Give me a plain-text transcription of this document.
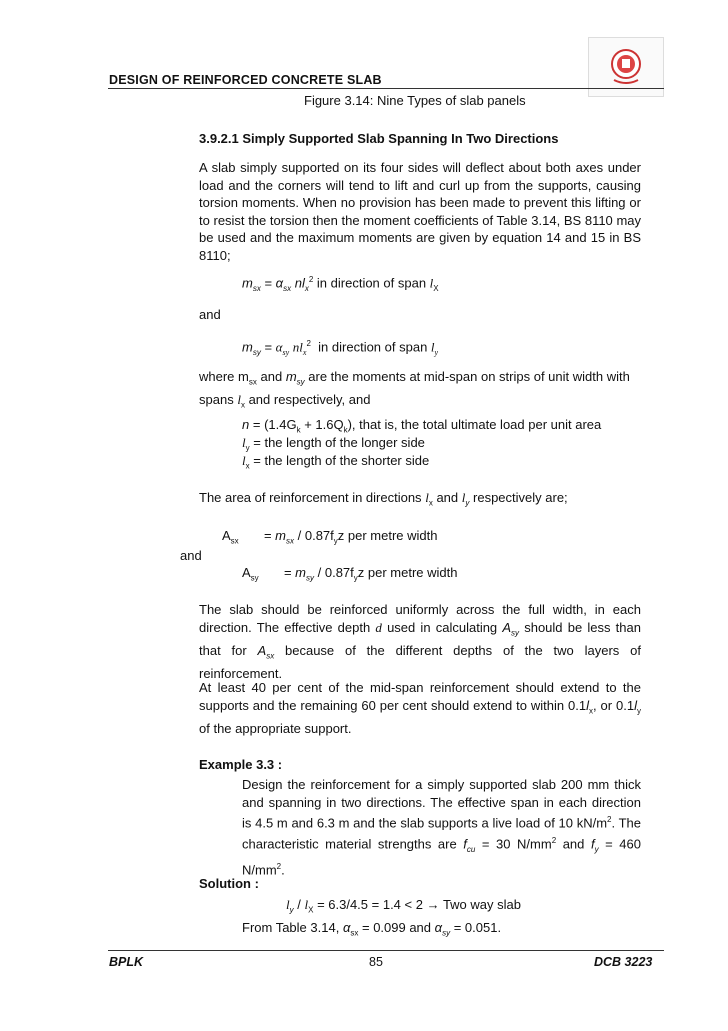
DESIGN OF REINFORCED CONCRETE SLAB
Figure 3.14: Nine Types of slab panels
3.9.2.1 Simply Supported Slab Spanning In Two Directions
A slab simply supported on its four sides will deflect about both axes under load and the corners will tend to lift and curl up from the supports, causing torsion moments. When no provision has been made to prevent this lifting or to resist the torsion then the moment coefficients of Table 3.14, BS 8110 may be used and the maximum moments are given by equation 14 and 15 in BS 8110;
$m_{sx} = \alpha_{sx}$ $nl_x^2$ in direction of span $l_X$
and
$m_{sy} = \alpha_{sy}$ $nl_x^2$ in direction of span $l_y$
where $m_{sx}$ and $m_{sy}$ are the moments at mid-span on strips of unit width with
spans $l_x$ and respectively, and
$n = (1.4G_k + 1.6Q_k)$, that is, the total ultimate load per unit area
$l_y$ = the length of the longer side
$l_x$ = the length of the shorter side
The area of reinforcement in directions $l_x$ and $l_y$ respectively are;
$A_{sx}$       = $m_{sx} / 0.87f_yz$ per metre width
and
$A_{sy}$       = $m_{sy} / 0.87f_yz$ per metre width
The slab should be reinforced uniformly across the full width, in each direction. The effective depth d used in calculating $A_{sy}$ should be less than that for $A_{sx}$ because of the different depths of the two layers of reinforcement.
At least 40 per cent of the mid-span reinforcement should extend to the supports and the remaining 60 per cent should extend to within $0.1l_x$, or $0.1l_y$ of the appropriate support.
Example 3.3 :
Design the reinforcement for a simply supported slab 200 mm thick and spanning in two directions. The effective span in each direction is 4.5 m and 6.3 m and the slab supports a live load of 10 $kN/m^2$. The characteristic material strengths are $f_{cu} = 30$ $N/mm^2$ and $f_y = 460$ $N/mm^2$.
Solution :
$l_y / l_X = 6.3/4.5 = 1.4 < 2$ → Two way slab
From Table 3.14, $\alpha_{sx} = 0.099$ and $\alpha_{sy} = 0.051$.
BPLK	85	DCB 3223
